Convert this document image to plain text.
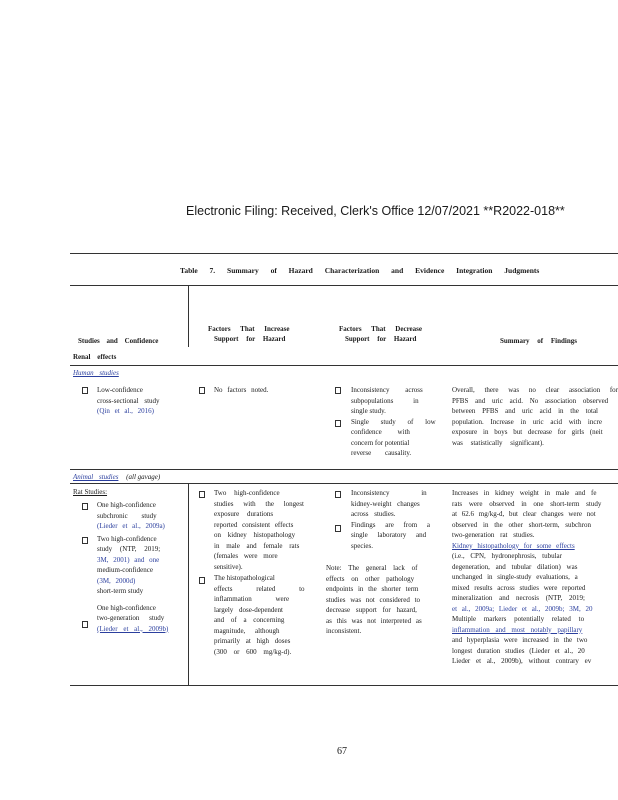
Electronic Filing: Received, Clerk's Office 12/07/2021 **R2022-018**
Table 7. Summary of Hazard Characterization and Evidence Integration Judgments
Studies and Confidence
Factors That Increase
Support for Hazard
Factors That Decrease
Support for Hazard	Summary of Findings
Renal effects
Human studies
Low-confidence
cross-sectional study
(Qin et al., 2016)
No factors noted.	Inconsistency across
subpopulations in
single study.
Single study of low
confidence with
concern for potential
reverse causality.
Overall, there was no clear association for
PFBS and uric acid. No association observed
between PFBS and uric acid in the total
population. Increase in uric acid with incre
exposure in boys but decrease for girls (neit
was statistically significant).
Animal studies (all gavage)
Rat Studies:
One high-confidence
subchronic study
(Lieder et al., 2009a)
Two high-confidence
study (NTP, 2019;
3M, 2001) and one
medium-confidence
(3M, 2000d)
short-term study
One high-confidence
two-generation study
(Lieder et al., 2009b)
Two high-confidence
studies with the longest
exposure durations
reported consistent effects
on kidney histopathology
in male and female rats
(females were more
sensitive).
The histopathological
effects related to
inflammation were
largely dose-dependent
and of a concerning
magnitude, although
primarily at high doses
(300 or 600 mg/kg-d).
Inconsistency in
kidney-weight changes
across studies.
Findings are from a
single laboratory and
species.
Note: The general lack of
effects on other pathology
endpoints in the shorter term
studies was not considered to
decrease support for hazard,
as this was not interpreted as
inconsistent.
Increases in kidney weight in male and fe
rats were observed in one short-term study
at 62.6 mg/kg-d, but clear changes were not
observed in the other short-term, subchron
two-generation rat studies.
Kidney histopathology for some effects
(i.e., CPN, hydronephrosis, tubular
degeneration, and tubular dilation) was
unchanged in single-study evaluations, a
mixed results across studies were reported
mineralization and necrosis (NTP, 2019;
et al., 2009a; Lieder et al., 2009b; 3M, 20
Multiple markers potentially related to
inflammation and most notably papillary
and hyperplasia were increased in the two
longest duration studies (Lieder et al., 20
Lieder et al., 2009b), without contrary ev
67
